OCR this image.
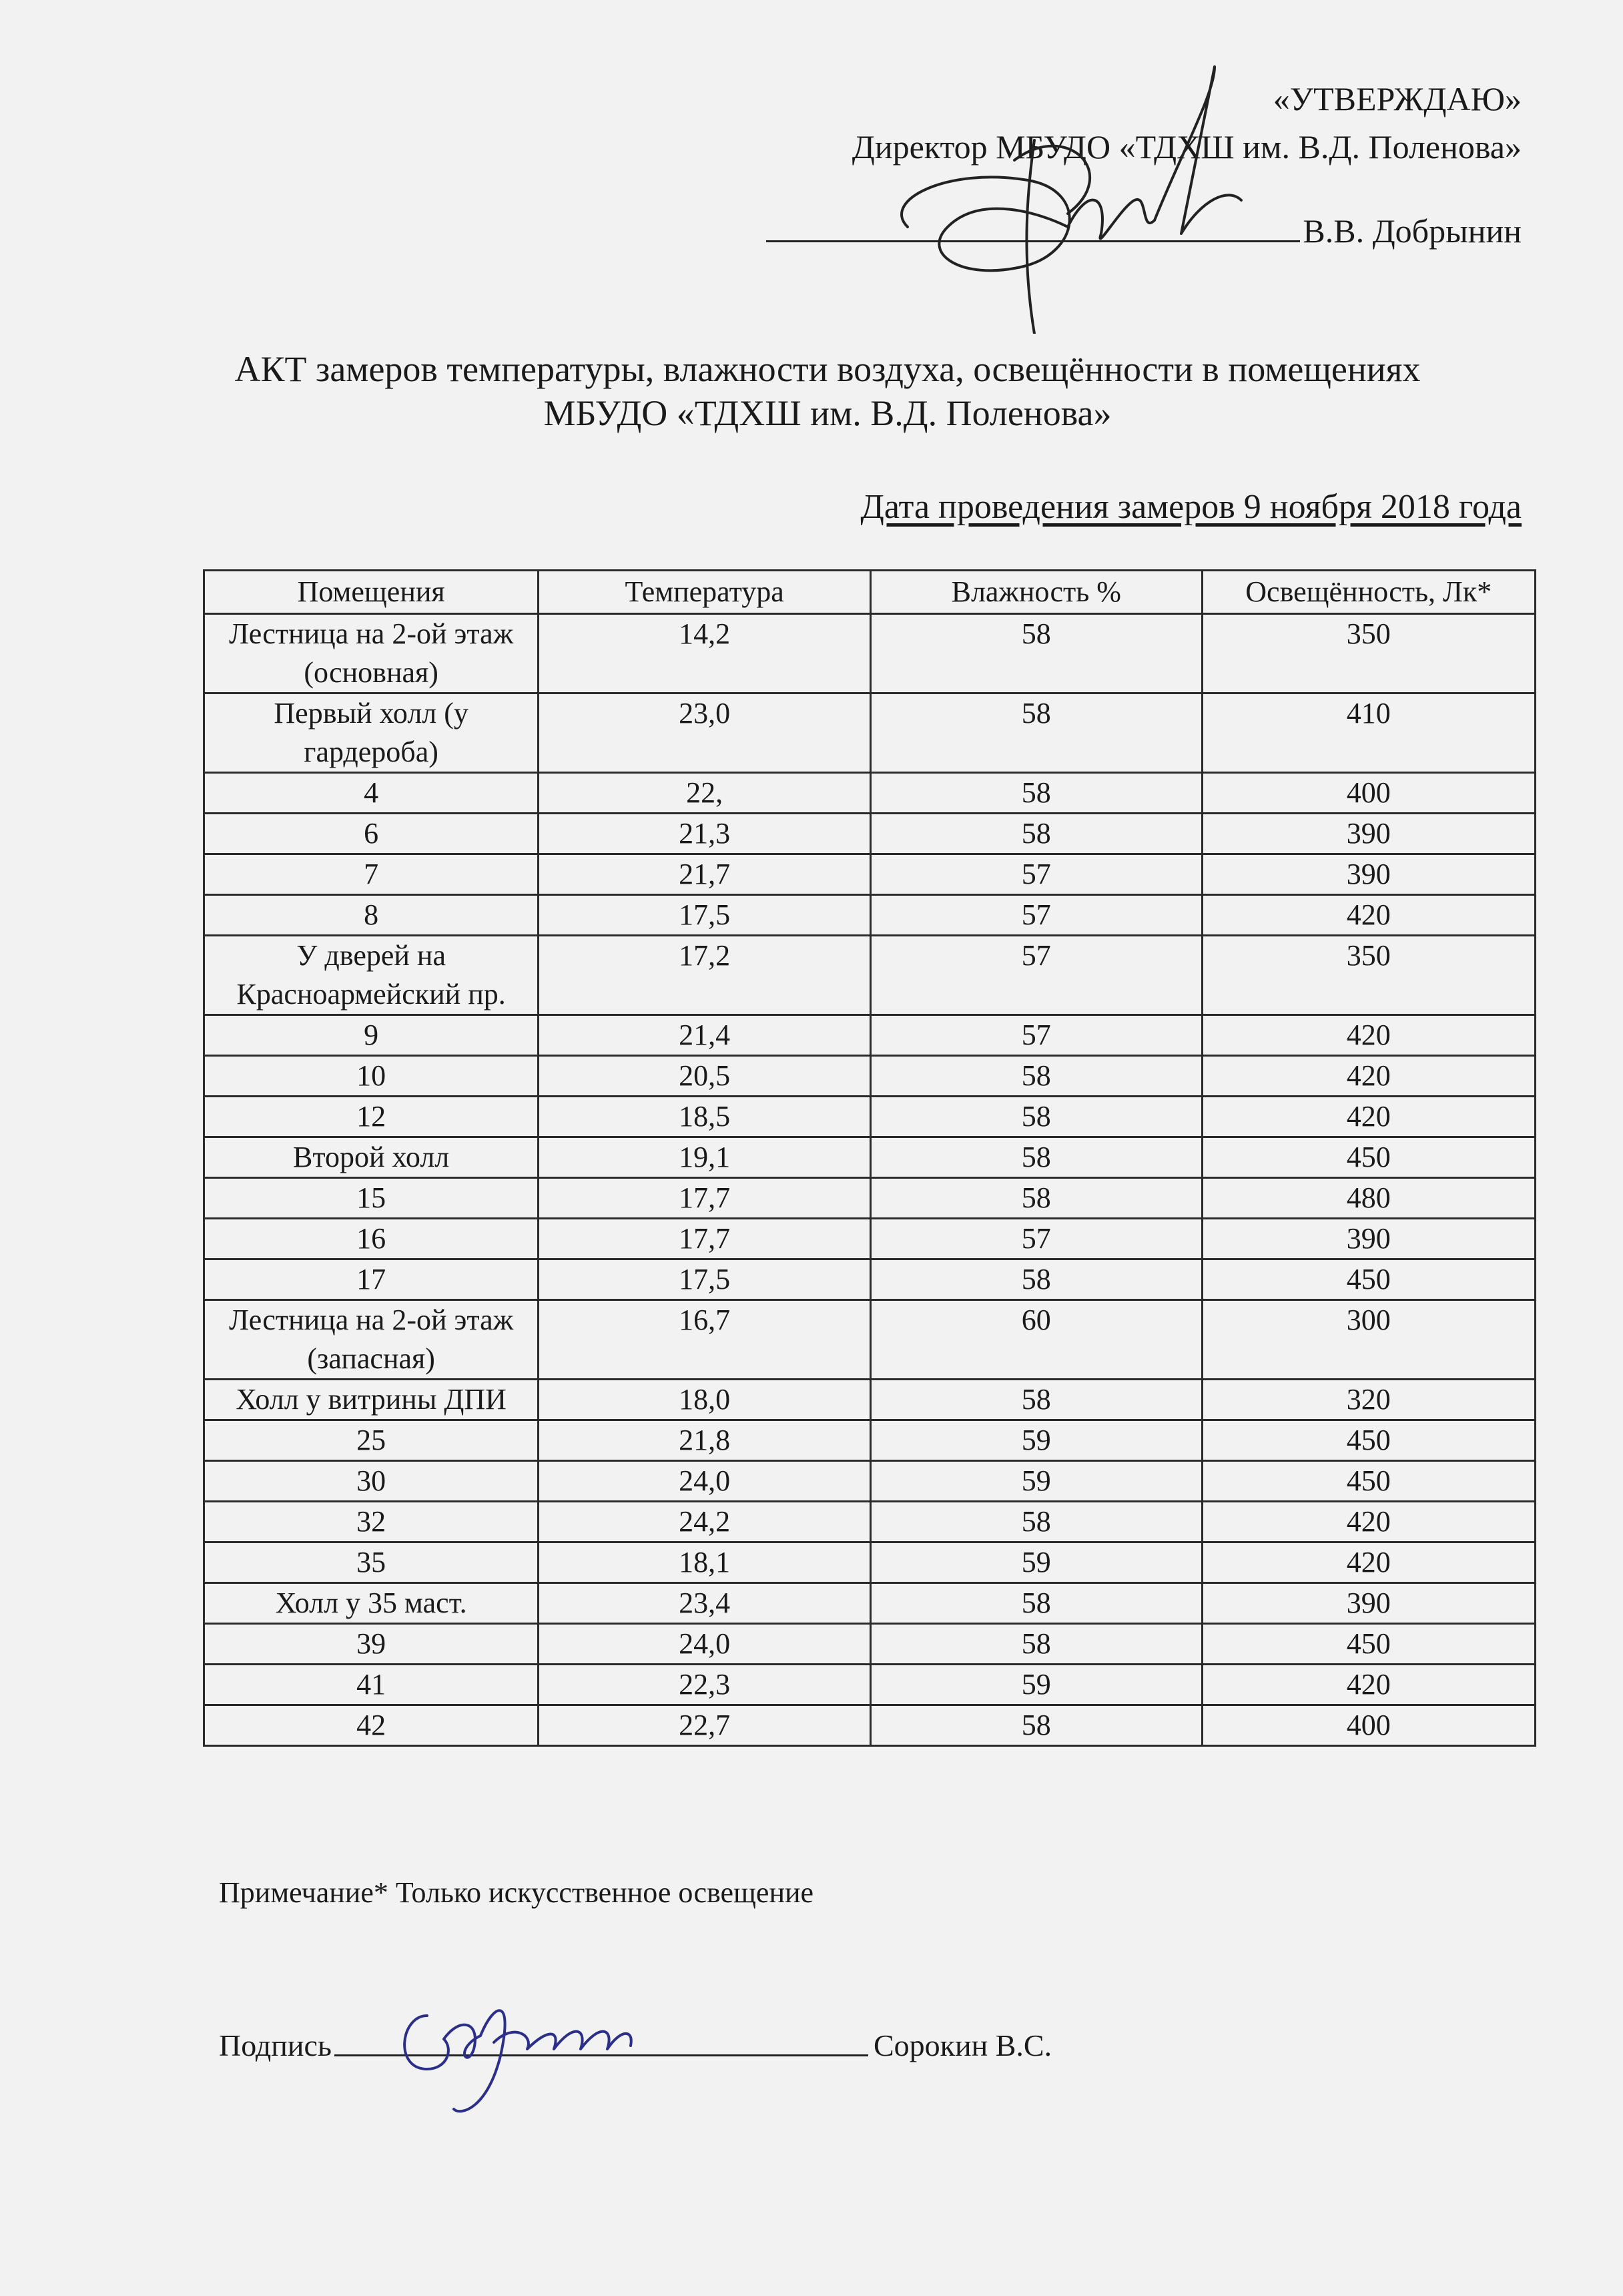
«УТВЕРЖДАЮ»
Директор МБУДО «ТДХШ им. В.Д. Поленова»
В.В. Добрынин
АКТ замеров температуры, влажности воздуха, освещённости в помещениях
МБУДО «ТДХШ им. В.Д. Поленова»
Дата проведения замеров 9 ноября 2018 года
Помещения	Температура	Влажность %	Освещённость, Лк*
Лестница на 2-ой этаж (основная)	14,2	58	350
Первый холл (у гардероба)	23,0	58	410
4	22,	58	400
6	21,3	58	390
7	21,7	57	390
8	17,5	57	420
У дверей на Красноармейский пр.	17,2	57	350
9	21,4	57	420
10	20,5	58	420
12	18,5	58	420
Второй холл	19,1	58	450
15	17,7	58	480
16	17,7	57	390
17	17,5	58	450
Лестница на 2-ой этаж (запасная)	16,7	60	300
Холл у витрины ДПИ	18,0	58	320
25	21,8	59	450
30	24,0	59	450
32	24,2	58	420
35	18,1	59	420
Холл у 35 маст.	23,4	58	390
39	24,0	58	450
41	22,3	59	420
42	22,7	58	400
Примечание* Только искусственное освещение
Подпись	Сорокин В.С.
